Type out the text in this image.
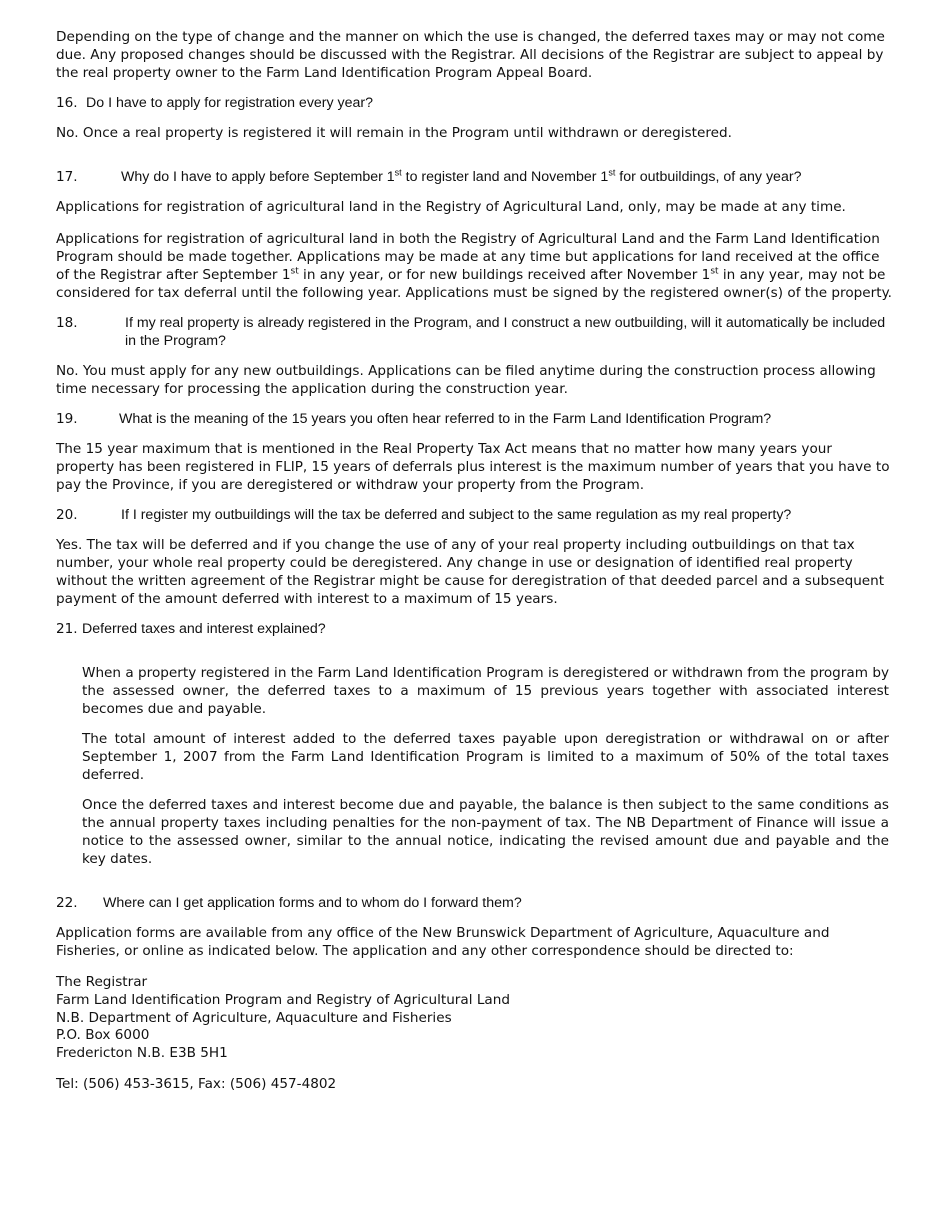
Depending on the type of change and the manner on which the use is changed, the deferred taxes may or may not come due. Any proposed changes should be discussed with the Registrar. All decisions of the Registrar are subject to appeal by the real property owner to the Farm Land Identification Program Appeal Board.

16. Do I have to apply for registration every year?

No. Once a real property is registered it will remain in the Program until withdrawn or deregistered.

17.	Why do I have to apply before September 1st to register land and November 1st for outbuildings, of any year?

Applications for registration of agricultural land in the Registry of Agricultural Land, only, may be made at any time.

Applications for registration of agricultural land in both the Registry of Agricultural Land and the Farm Land Identification Program should be made together. Applications may be made at any time but applications for land received at the office of the Registrar after September 1st in any year, or for new buildings received after November 1st in any year, may not be considered for tax deferral until the following year. Applications must be signed by the registered owner(s) of the property.

18.	If my real property is already registered in the Program, and I construct a new outbuilding, will it automatically be included in the Program?

No. You must apply for any new outbuildings. Applications can be filed anytime during the construction process allowing time necessary for processing the application during the construction year.

19.	What is the meaning of the 15 years you often hear referred to in the Farm Land Identification Program?

The 15 year maximum that is mentioned in the Real Property Tax Act means that no matter how many years your property has been registered in FLIP, 15 years of deferrals plus interest is the maximum number of years that you have to pay the Province, if you are deregistered or withdraw your property from the Program.

20.	If I register my outbuildings will the tax be deferred and subject to the same regulation as my real property?

Yes. The tax will be deferred and if you change the use of any of your real property including outbuildings on that tax number, your whole real property could be deregistered. Any change in use or designation of identified real property without the written agreement of the Registrar might be cause for deregistration of that deeded parcel and a subsequent payment of the amount deferred with interest to a maximum of 15 years.

21. Deferred taxes and interest explained?

When a property registered in the Farm Land Identification Program is deregistered or withdrawn from the program by the assessed owner, the deferred taxes to a maximum of 15 previous years together with associated interest becomes due and payable.

The total amount of interest added to the deferred taxes payable upon deregistration or withdrawal on or after September 1, 2007 from the Farm Land Identification Program is limited to a maximum of 50% of the total taxes deferred.

Once the deferred taxes and interest become due and payable, the balance is then subject to the same conditions as the annual property taxes including penalties for the non-payment of tax. The NB Department of Finance will issue a notice to the assessed owner, similar to the annual notice, indicating the revised amount due and payable and the key dates.

22.	Where can I get application forms and to whom do I forward them?

Application forms are available from any office of the New Brunswick Department of Agriculture, Aquaculture and Fisheries, or online as indicated below. The application and any other correspondence should be directed to:

The Registrar

Farm Land Identification Program and Registry of Agricultural Land

N.B. Department of Agriculture, Aquaculture and Fisheries

P.O. Box 6000

Fredericton N.B. E3B 5H1

Tel: (506) 453-3615, Fax: (506) 457-4802
